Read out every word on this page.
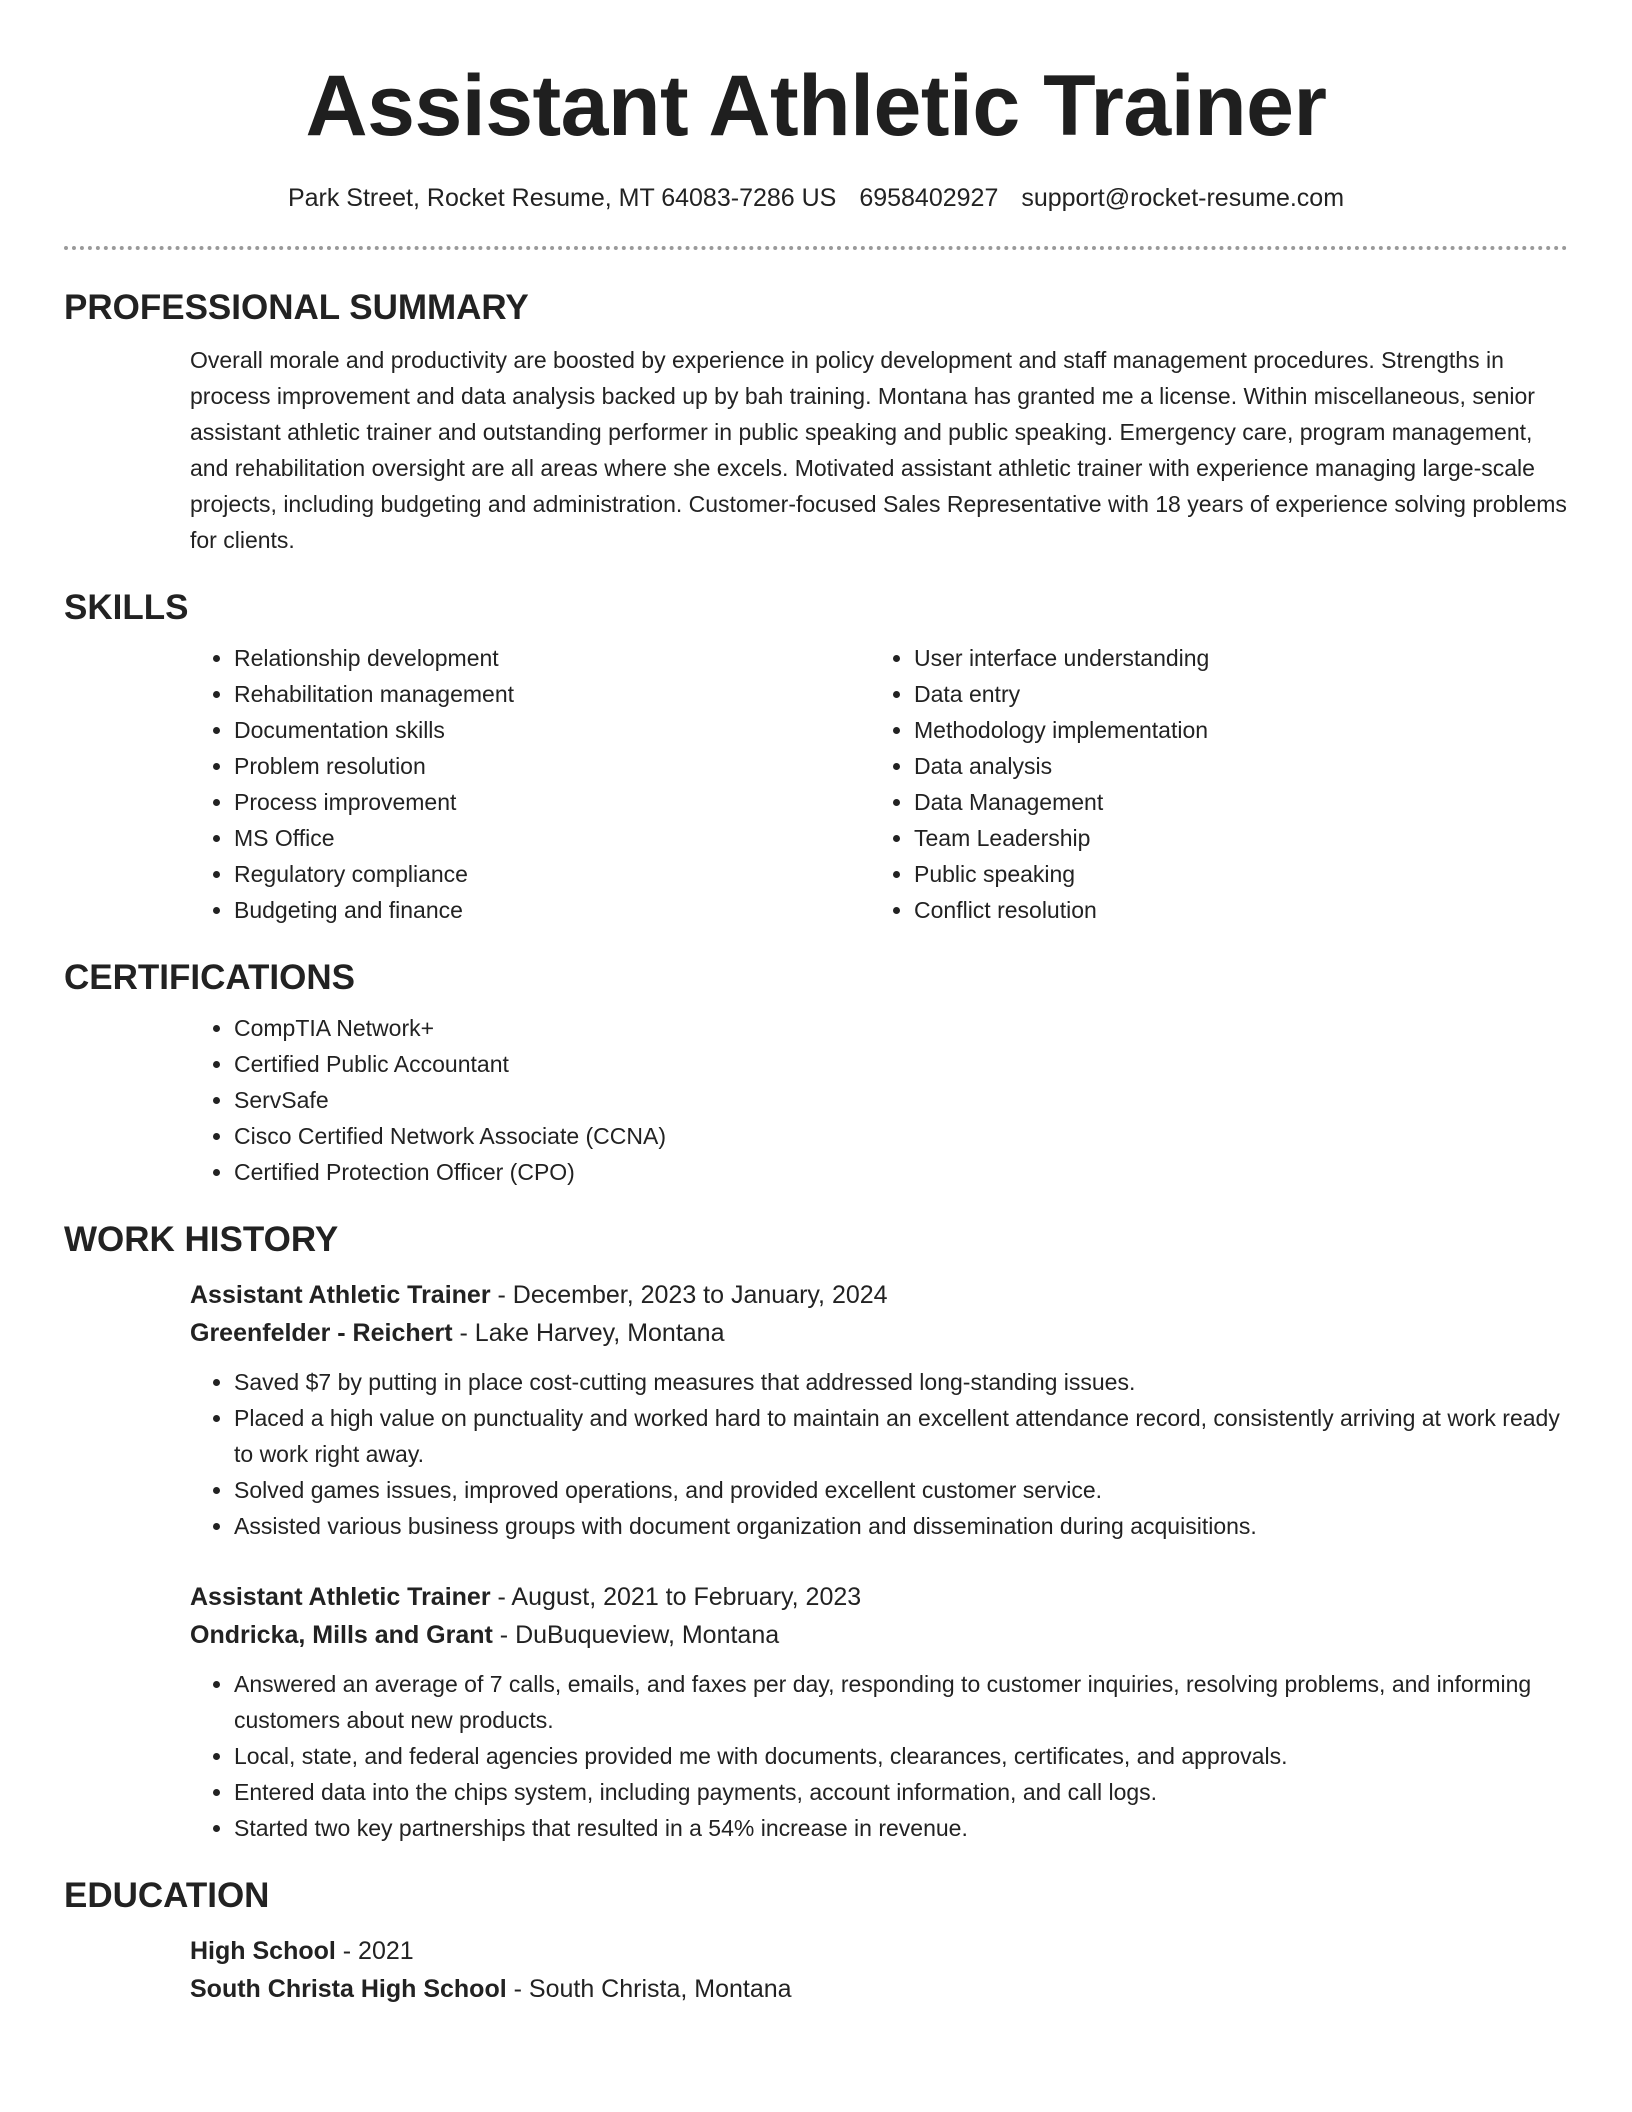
Assistant Athletic Trainer
Park Street, Rocket Resume, MT 64083-7286 US 6958402927 support@rocket-resume.com
PROFESSIONAL SUMMARY
Overall morale and productivity are boosted by experience in policy development and staff management procedures. Strengths in process improvement and data analysis backed up by bah training. Montana has granted me a license. Within miscellaneous, senior assistant athletic trainer and outstanding performer in public speaking and public speaking. Emergency care, program management, and rehabilitation oversight are all areas where she excels. Motivated assistant athletic trainer with experience managing large-scale projects, including budgeting and administration. Customer-focused Sales Representative with 18 years of experience solving problems for clients.
SKILLS
• Relationship development
• Rehabilitation management
• Documentation skills
• Problem resolution
• Process improvement
• MS Office
• Regulatory compliance
• Budgeting and finance
• User interface understanding
• Data entry
• Methodology implementation
• Data analysis
• Data Management
• Team Leadership
• Public speaking
• Conflict resolution
CERTIFICATIONS
• CompTIA Network+
• Certified Public Accountant
• ServSafe
• Cisco Certified Network Associate (CCNA)
• Certified Protection Officer (CPO)
WORK HISTORY
Assistant Athletic Trainer - December, 2023 to January, 2024
Greenfelder - Reichert - Lake Harvey, Montana
• Saved $7 by putting in place cost-cutting measures that addressed long-standing issues.
• Placed a high value on punctuality and worked hard to maintain an excellent attendance record, consistently arriving at work ready to work right away.
• Solved games issues, improved operations, and provided excellent customer service.
• Assisted various business groups with document organization and dissemination during acquisitions.
Assistant Athletic Trainer - August, 2021 to February, 2023
Ondricka, Mills and Grant - DuBuqueview, Montana
• Answered an average of 7 calls, emails, and faxes per day, responding to customer inquiries, resolving problems, and informing customers about new products.
• Local, state, and federal agencies provided me with documents, clearances, certificates, and approvals.
• Entered data into the chips system, including payments, account information, and call logs.
• Started two key partnerships that resulted in a 54% increase in revenue.
EDUCATION
High School - 2021
South Christa High School - South Christa, Montana
